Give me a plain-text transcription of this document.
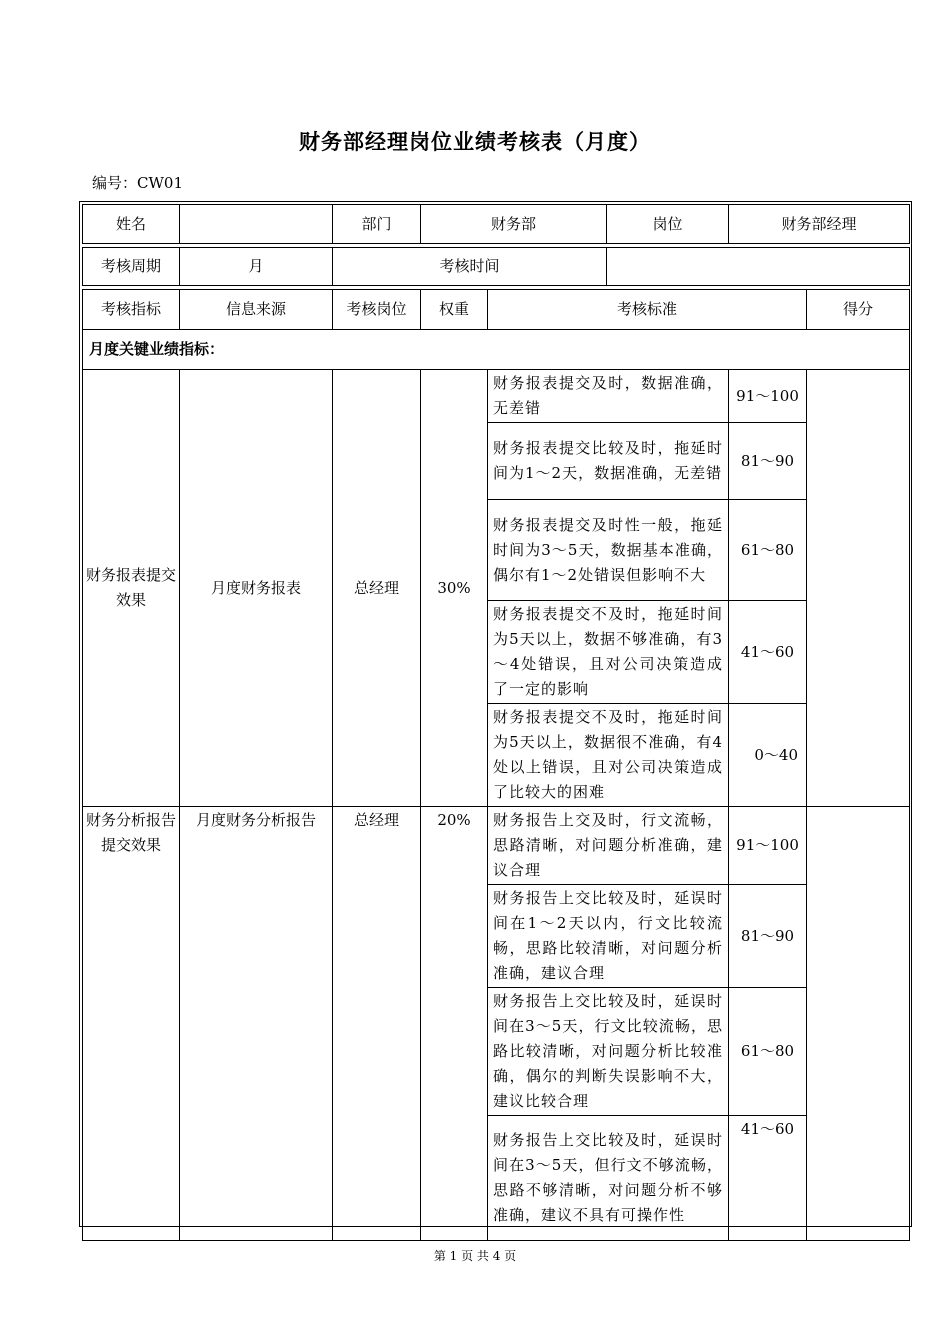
财务部经理岗位业绩考核表（月度）
编号：CW01
姓名		部门	财务部		岗位	财务部经理	

考核周期	月	考核时间					

考核指标	信息来源	考核岗位	权重	考核标准			得分
月度关键业绩指标：							
财务报表提交效果	月度财务报表	总经理	30%	财务报表提交及时，数据准确，无差错		91～100	
				财务报表提交比较及时，拖延时间为1～2天，数据准确，无差错		81～90	
				财务报表提交及时性一般，拖延时间为3～5天，数据基本准确，偶尔有1～2处错误但影响不大		61～80	
				财务报表提交不及时，拖延时间为5天以上，数据不够准确，有3～4处错误，且对公司决策造成了一定的影响		41～60	
				财务报表提交不及时，拖延时间为5天以上，数据很不准确，有4处以上错误，且对公司决策造成了比较大的困难		0～40	
财务分析报告提交效果	月度财务分析报告	总经理	20%	财务报告上交及时，行文流畅，思路清晰，对问题分析准确，建议合理		91～100	
				财务报告上交比较及时，延误时间在1～2天以内，行文比较流畅，思路比较清晰，对问题分析准确，建议合理		81～90	
				财务报告上交比较及时，延误时间在3～5天，行文比较流畅，思路比较清晰，对问题分析比较准确，偶尔的判断失误影响不大，建议比较合理		61～80	
				财务报告上交比较及时，延误时间在3～5天，但行文不够流畅，思路不够清晰，对问题分析不够准确，建议不具有可操作性		41～60	
第 1 页 共 4 页
